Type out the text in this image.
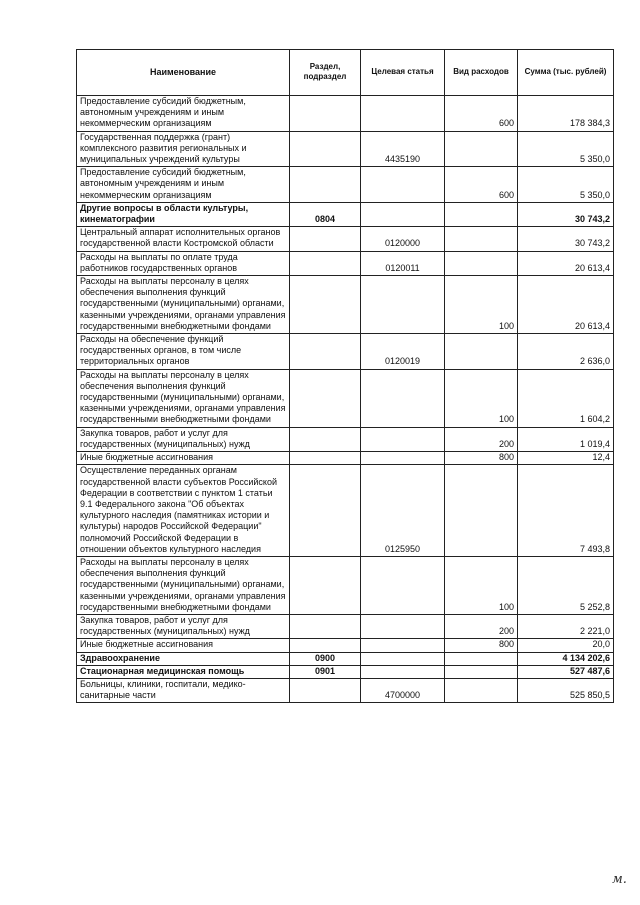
Наименование	Раздел, подраздел	Целевая статья	Вид расходов	Сумма (тыс. рублей)
Предоставление субсидий бюджетным, автономным учреждениям и иным некоммерческим организациям			600	178 384,3
Государственная поддержка (грант) комплексного развития региональных и муниципальных учреждений культуры		4435190		5 350,0
Предоставление субсидий бюджетным, автономным учреждениям и иным некоммерческим организациям			600	5 350,0
Другие вопросы в области культуры, кинематографии	0804			30 743,2
Центральный аппарат исполнительных органов государственной власти Костромской области		0120000		30 743,2
Расходы на выплаты по оплате труда работников государственных органов		0120011		20 613,4
Расходы на выплаты персоналу в целях обеспечения выполнения функций государственными (муниципальными) органами, казенными учреждениями, органами управления государственными внебюджетными фондами			100	20 613,4
Расходы на обеспечение функций государственных органов, в том числе территориальных органов		0120019		2 636,0
Расходы на выплаты персоналу в целях обеспечения выполнения функций государственными (муниципальными) органами, казенными учреждениями, органами управления государственными внебюджетными фондами			100	1 604,2
Закупка товаров, работ и услуг для государственных (муниципальных) нужд			200	1 019,4
Иные бюджетные ассигнования			800	12,4
Осуществление переданных органам государственной власти субъектов Российской Федерации в соответствии с пунктом 1 статьи 9.1 Федерального закона "Об объектах культурного наследия (памятниках истории и культуры) народов Российской Федерации" полномочий Российской Федерации в отношении объектов культурного наследия		0125950		7 493,8
Расходы на выплаты персоналу в целях обеспечения выполнения функций государственными (муниципальными) органами, казенными учреждениями, органами управления государственными внебюджетными фондами			100	5 252,8
Закупка товаров, работ и услуг для государственных (муниципальных) нужд			200	2 221,0
Иные бюджетные ассигнования			800	20,0
Здравоохранение	0900			4 134 202,6
Стационарная медицинская помощь	0901			527 487,6
Больницы, клиники, госпитали, медико-санитарные части		4700000		525 850,5
м.
